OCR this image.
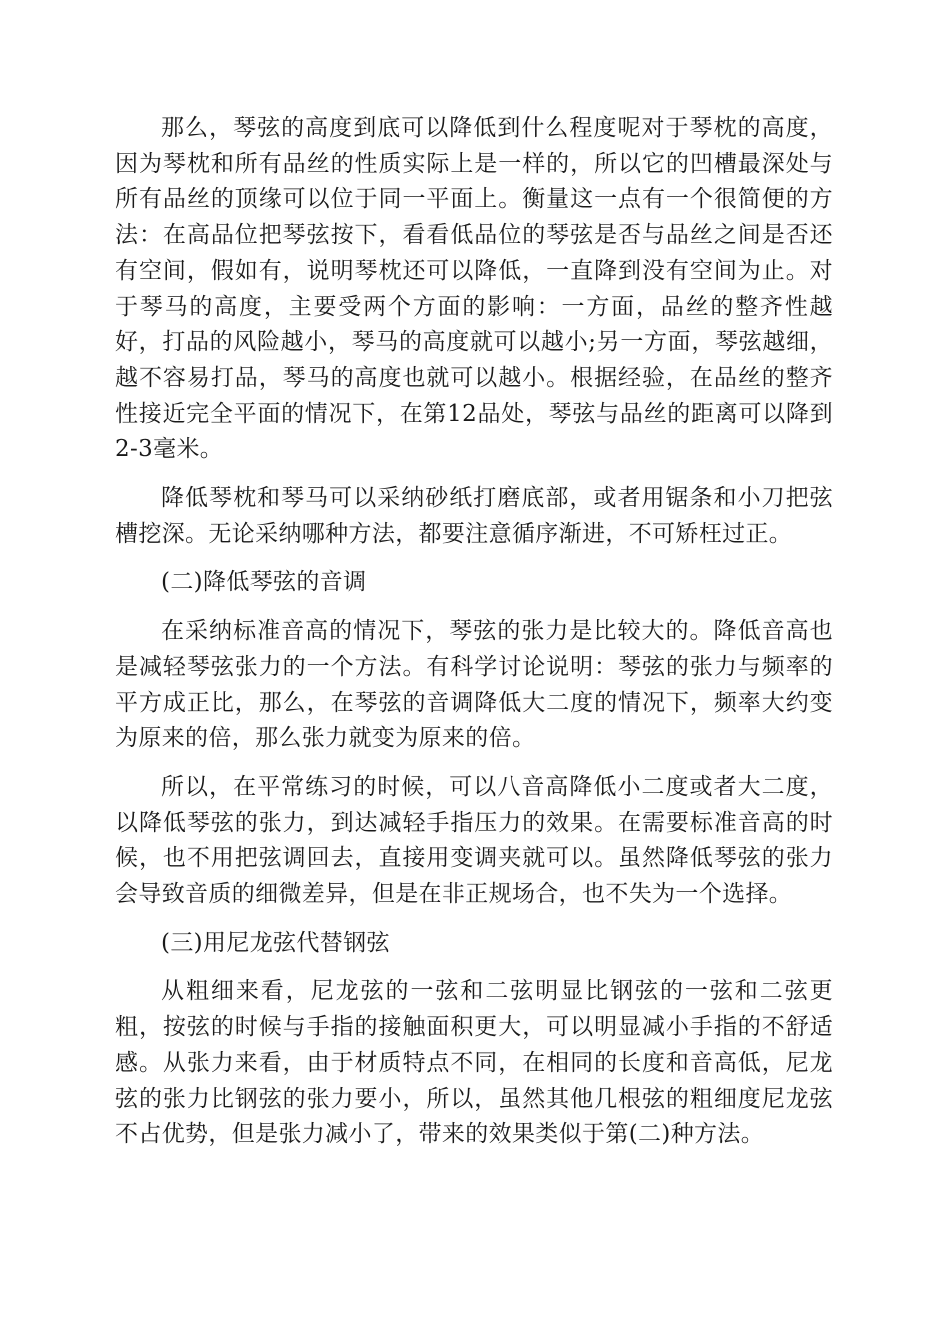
那么，琴弦的高度到底可以降低到什么程度呢对于琴枕的高度，因为琴枕和所有品丝的性质实际上是一样的，所以它的凹槽最深处与所有品丝的顶缘可以位于同一平面上。衡量这一点有一个很简便的方法：在高品位把琴弦按下，看看低品位的琴弦是否与品丝之间是否还有空间，假如有，说明琴枕还可以降低，一直降到没有空间为止。对于琴马的高度，主要受两个方面的影响：一方面，品丝的整齐性越好，打品的风险越小，琴马的高度就可以越小;另一方面，琴弦越细，越不容易打品，琴马的高度也就可以越小。根据经验，在品丝的整齐性接近完全平面的情况下，在第12品处，琴弦与品丝的距离可以降到2-3毫米。

降低琴枕和琴马可以采纳砂纸打磨底部，或者用锯条和小刀把弦槽挖深。无论采纳哪种方法，都要注意循序渐进，不可矫枉过正。

(二)降低琴弦的音调

在采纳标准音高的情况下，琴弦的张力是比较大的。降低音高也是减轻琴弦张力的一个方法。有科学讨论说明：琴弦的张力与频率的平方成正比，那么，在琴弦的音调降低大二度的情况下，频率大约变为原来的倍，那么张力就变为原来的倍。

所以，在平常练习的时候，可以八音高降低小二度或者大二度，以降低琴弦的张力，到达减轻手指压力的效果。在需要标准音高的时候，也不用把弦调回去，直接用变调夹就可以。虽然降低琴弦的张力会导致音质的细微差异，但是在非正规场合，也不失为一个选择。

(三)用尼龙弦代替钢弦

从粗细来看，尼龙弦的一弦和二弦明显比钢弦的一弦和二弦更粗，按弦的时候与手指的接触面积更大，可以明显减小手指的不舒适感。从张力来看，由于材质特点不同，在相同的长度和音高低，尼龙弦的张力比钢弦的张力要小，所以，虽然其他几根弦的粗细度尼龙弦不占优势，但是张力减小了，带来的效果类似于第(二)种方法。
